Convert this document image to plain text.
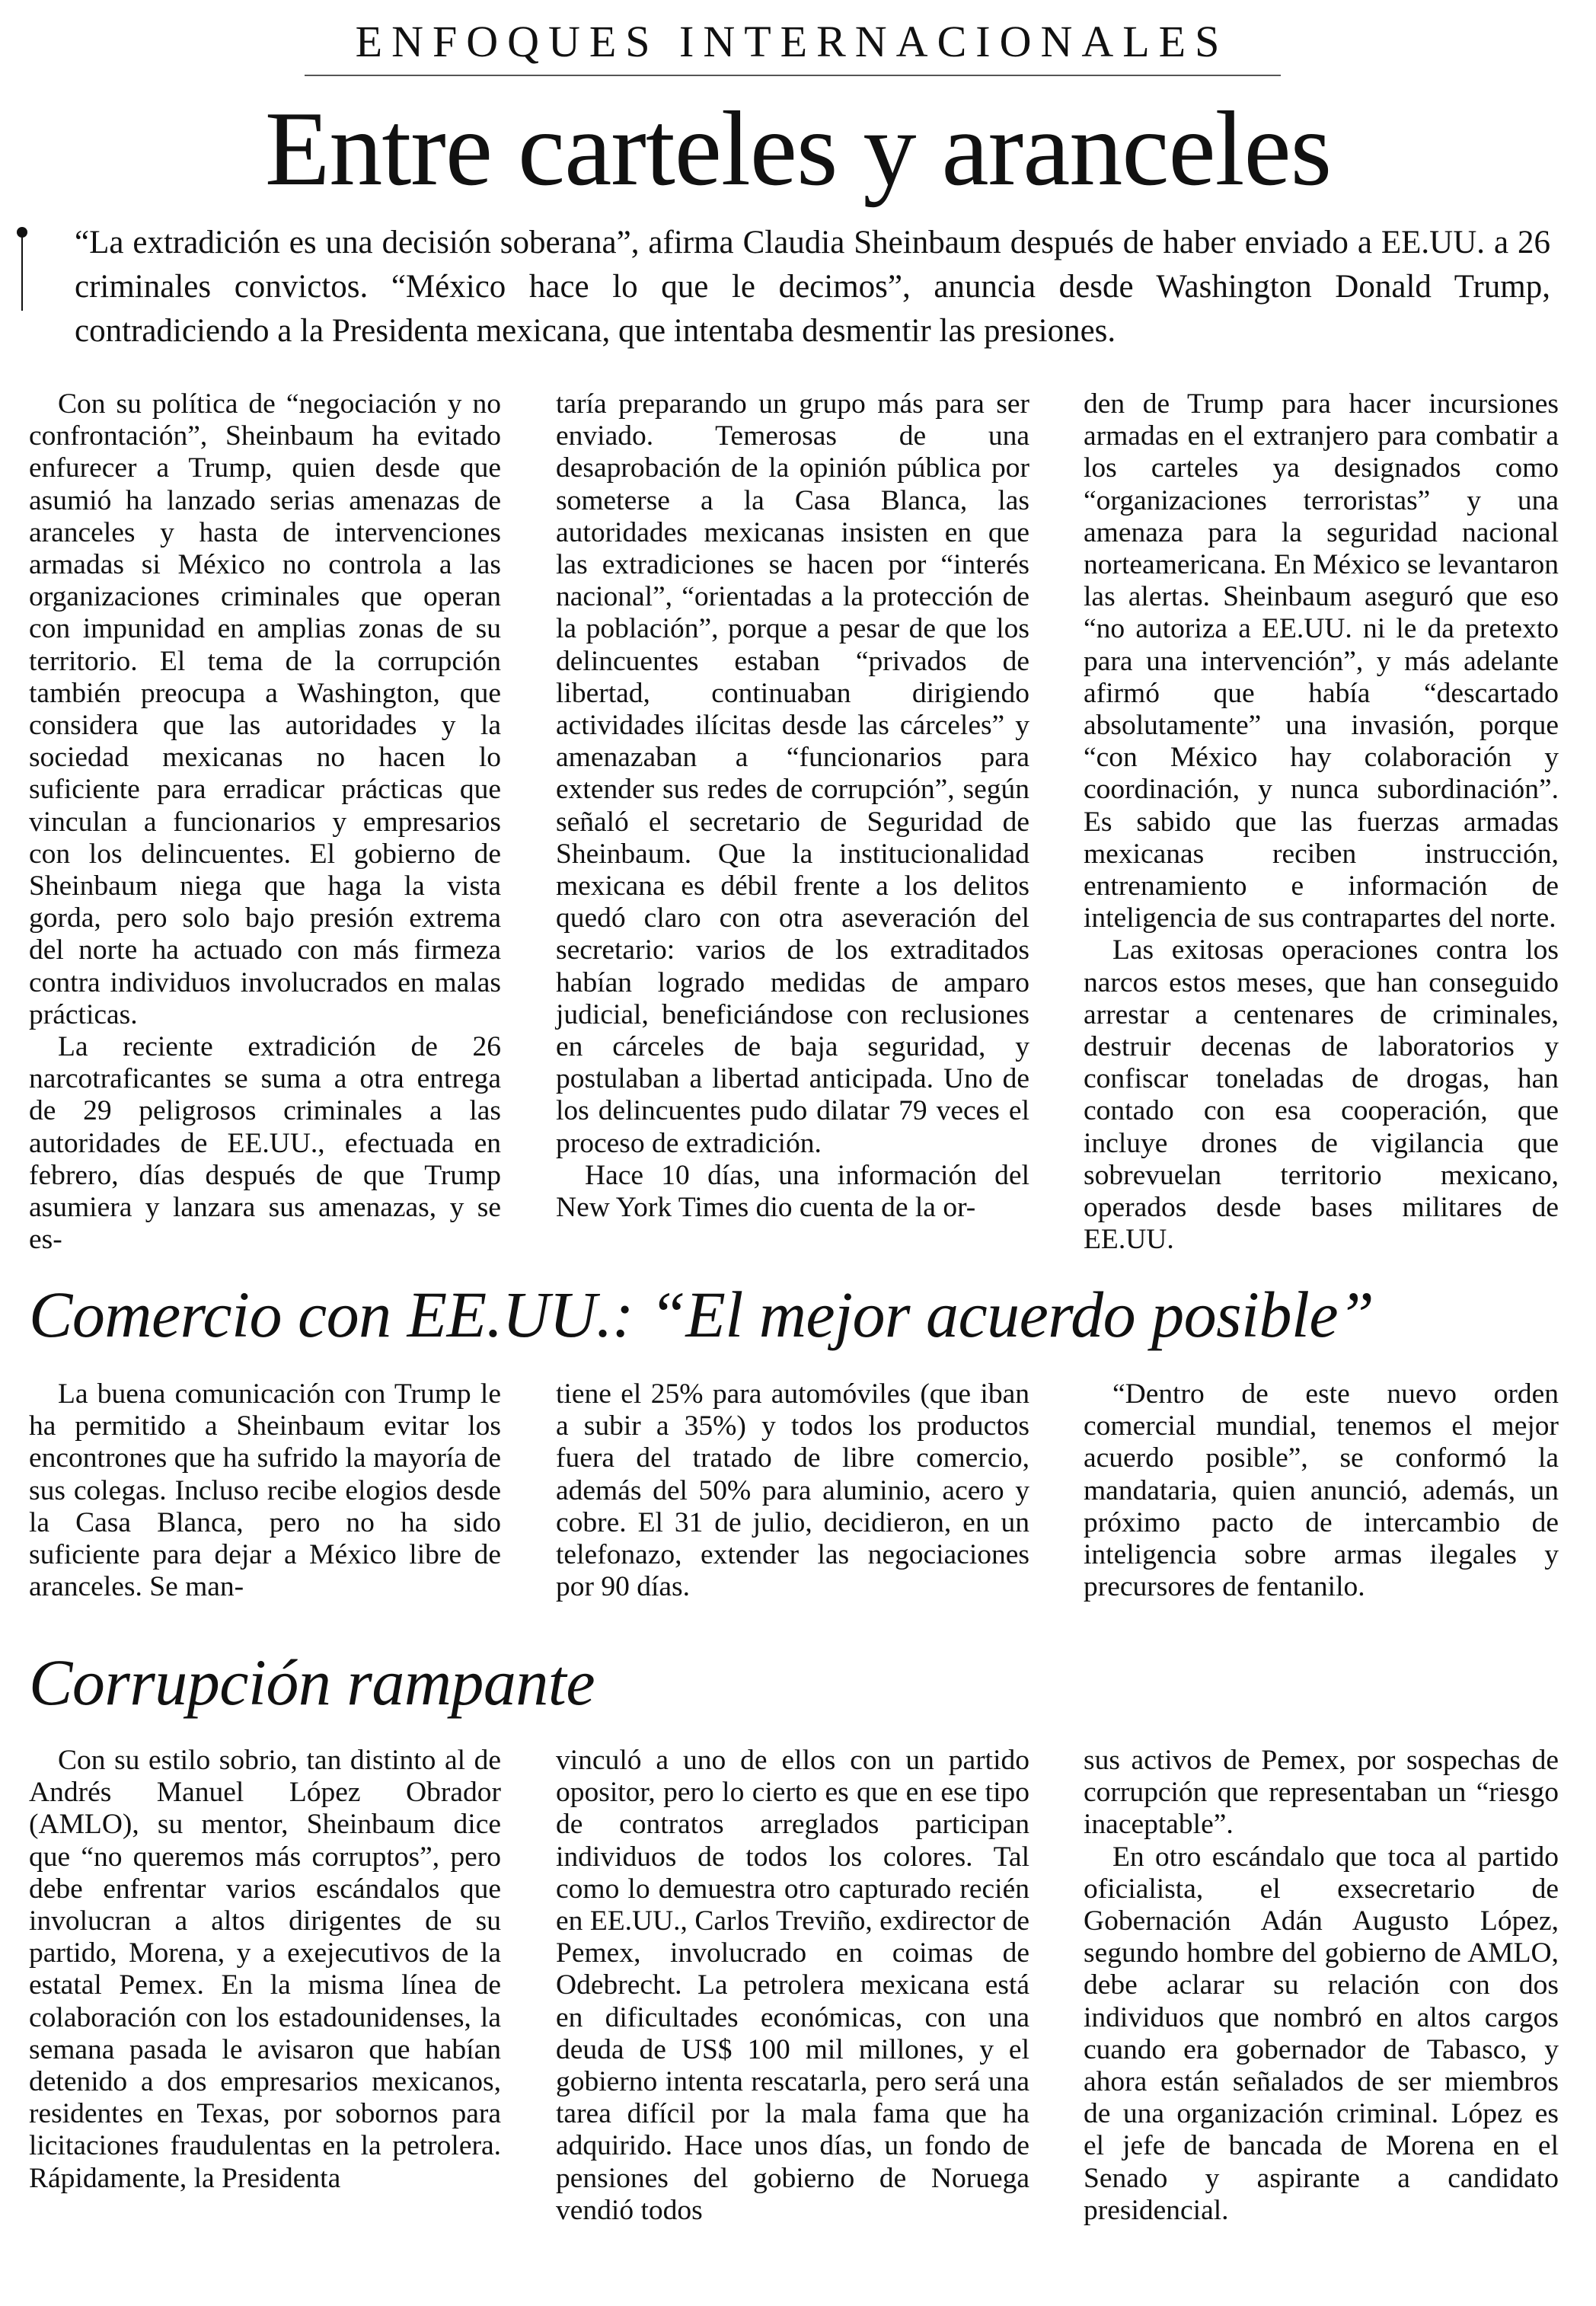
ENFOQUES INTERNACIONALES
Entre carteles y aranceles

“La extradición es una decisión soberana”, afirma Claudia Sheinbaum después de haber enviado a EE.UU. a 26 criminales convictos. “México hace lo que le decimos”, anuncia desde Washington Donald Trump, contradiciendo a la Presidenta mexicana, que intentaba desmentir las presiones.

Con su política de “negociación y no confrontación”, Sheinbaum ha evitado enfurecer a Trump, quien desde que asumió ha lanzado serias amenazas de aranceles y hasta de intervenciones armadas si México no controla a las organizaciones criminales que operan con impunidad en amplias zonas de su territorio. El tema de la corrupción también preocupa a Washington, que considera que las autoridades y la sociedad mexicanas no hacen lo suficiente para erradicar prácticas que vinculan a funcionarios y empresarios con los delincuentes. El gobierno de Sheinbaum niega que haga la vista gorda, pero solo bajo presión extrema del norte ha actuado con más firmeza contra individuos involucrados en malas prácticas.

La reciente extradición de 26 narcotraficantes se suma a otra entrega de 29 peligrosos criminales a las autoridades de EE.UU., efectuada en febrero, días después de que Trump asumiera y lanzara sus amenazas, y se es-

taría preparando un grupo más para ser enviado. Temerosas de una desaprobación de la opinión pública por someterse a la Casa Blanca, las autoridades mexicanas insisten en que las extradiciones se hacen por “interés nacional”, “orientadas a la protección de la población”, porque a pesar de que los delincuentes estaban “privados de libertad, continuaban dirigiendo actividades ilícitas desde las cárceles” y amenazaban a “funcionarios para extender sus redes de corrupción”, según señaló el secretario de Seguridad de Sheinbaum. Que la institucionalidad mexicana es débil frente a los delitos quedó claro con otra aseveración del secretario: varios de los extraditados habían logrado medidas de amparo judicial, beneficiándose con reclusiones en cárceles de baja seguridad, y postulaban a libertad anticipada. Uno de los delincuentes pudo dilatar 79 veces el proceso de extradición.

Hace 10 días, una información del New York Times dio cuenta de la or-

den de Trump para hacer incursiones armadas en el extranjero para combatir a los carteles ya designados como “organizaciones terroristas” y una amenaza para la seguridad nacional norteamericana. En México se levantaron las alertas. Sheinbaum aseguró que eso “no autoriza a EE.UU. ni le da pretexto para una intervención”, y más adelante afirmó que había “descartado absolutamente” una invasión, porque “con México hay colaboración y coordinación, y nunca subordinación”. Es sabido que las fuerzas armadas mexicanas reciben instrucción, entrenamiento e información de inteligencia de sus contrapartes del norte.

Las exitosas operaciones contra los narcos estos meses, que han conseguido arrestar a centenares de criminales, destruir decenas de laboratorios y confiscar toneladas de drogas, han contado con esa cooperación, que incluye drones de vigilancia que sobrevuelan territorio mexicano, operados desde bases militares de EE.UU.

Comercio con EE.UU.: “El mejor acuerdo posible”

La buena comunicación con Trump le ha permitido a Sheinbaum evitar los encontrones que ha sufrido la mayoría de sus colegas. Incluso recibe elogios desde la Casa Blanca, pero no ha sido suficiente para dejar a México libre de aranceles. Se man-

tiene el 25% para automóviles (que iban a subir a 35%) y todos los productos fuera del tratado de libre comercio, además del 50% para aluminio, acero y cobre. El 31 de julio, decidieron, en un telefonazo, extender las negociaciones por 90 días.

“Dentro de este nuevo orden comercial mundial, tenemos el mejor acuerdo posible”, se conformó la mandataria, quien anunció, además, un próximo pacto de intercambio de inteligencia sobre armas ilegales y precursores de fentanilo.

Corrupción rampante

Con su estilo sobrio, tan distinto al de Andrés Manuel López Obrador (AMLO), su mentor, Sheinbaum dice que “no queremos más corruptos”, pero debe enfrentar varios escándalos que involucran a altos dirigentes de su partido, Morena, y a exejecutivos de la estatal Pemex. En la misma línea de colaboración con los estadounidenses, la semana pasada le avisaron que habían detenido a dos empresarios mexicanos, residentes en Texas, por sobornos para licitaciones fraudulentas en la petrolera. Rápidamente, la Presidenta

vinculó a uno de ellos con un partido opositor, pero lo cierto es que en ese tipo de contratos arreglados participan individuos de todos los colores. Tal como lo demuestra otro capturado recién en EE.UU., Carlos Treviño, exdirector de Pemex, involucrado en coimas de Odebrecht. La petrolera mexicana está en dificultades económicas, con una deuda de US$ 100 mil millones, y el gobierno intenta rescatarla, pero será una tarea difícil por la mala fama que ha adquirido. Hace unos días, un fondo de pensiones del gobierno de Noruega vendió todos

sus activos de Pemex, por sospechas de corrupción que representaban un “riesgo inaceptable”.

En otro escándalo que toca al partido oficialista, el exsecretario de Gobernación Adán Augusto López, segundo hombre del gobierno de AMLO, debe aclarar su relación con dos individuos que nombró en altos cargos cuando era gobernador de Tabasco, y ahora están señalados de ser miembros de una organización criminal. López es el jefe de bancada de Morena en el Senado y aspirante a candidato presidencial.
